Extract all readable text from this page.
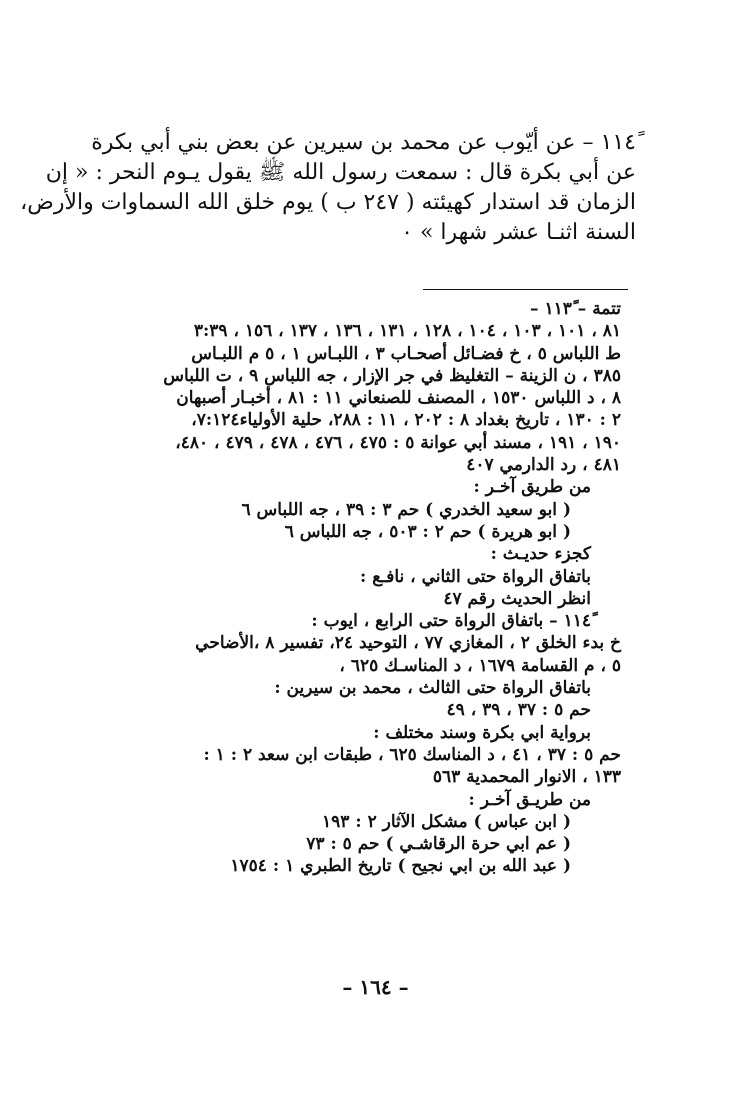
١١٤ً – عن أيّوب عن محمد بن سيرين عن بعض بني أبي بكرة

عن أبي بكرة قال : سمعت رسول الله ﷺ يقول يـوم النحر : « إن

الزمان قد استدار كهيئته ( ٢٤٧ ب ) يوم خلق الله السماوات والأرض،

السنة اثنـا عشر شهرا » ٠

تتمة – ١١٣ً –

٨١ ، ١٠١ ، ١٠٣ ، ١٠٤ ، ١٢٨ ، ١٣١ ، ١٣٦ ، ١٣٧ ، ١٥٦ ، ٣:٣٩

ط اللباس ٥ ، خ فضـائل أصحـاب ٣ ، اللبـاس ١ ، ٥ م اللبـاس

٣٨٥ ، ن الزينة – التغليظ في جر الإزار ، جه اللباس ٩ ، ت اللباس

٨ ، د اللباس ١٥٣٠ ، المصنف للصنعاني ١١ : ٨١ ، أخبـار أصبهان

٢ : ١٣٠ ، تاريخ بغداد ٨ : ٢٠٢ ، ١١ : ٢٨٨، حلية الأولياء٧:١٢٤،

١٩٠ ، ١٩١ ، مسند أبي عوانة ٥ : ٤٧٥ ، ٤٧٦ ، ٤٧٨ ، ٤٧٩ ، ٤٨٠،

٤٨١ ، رد الدارمي ٤٠٧

من طريق آخـر :

( ابو سعيد الخدري ) حم ٣ : ٣٩ ، جه اللباس ٦

( ابو هريرة ) حم ٢ : ٥٠٣ ، جه اللباس ٦

كجزء حديـث :

باتفاق الرواة حتى الثاني ، نافـع :

انظر الحديث رقم ٤٧

١١٤ً – باتفاق الرواة حتى الرابع ، ايوب :

خ بدء الخلق ٢ ، المغازي ٧٧ ، التوحيد ٢٤، تفسير ٨ ،الأضاحي

٥ ، م القسامة ١٦٧٩ ، د المناسـك ٦٢٥ ،

باتفاق الرواة حتى الثالث ، محمد بن سيرين :

حم ٥ : ٣٧ ، ٣٩ ، ٤٩

برواية ابي بكرة وسند مختلف :

حم ٥ : ٣٧ ، ٤١ ، د المناسك ٦٢٥ ، طبقات ابن سعد ٢ : ١ :

١٣٣ ، الانوار المحمدية ٥٦٣

من طريـق آخـر :

( ابن عباس ) مشكل الآثار ٢ : ١٩٣

( عم ابي حرة الرقاشـي ) حم ٥ : ٧٣

( عبد الله بن ابي نجيح ) تاريخ الطبري ١ : ١٧٥٤

– ١٦٤ –
